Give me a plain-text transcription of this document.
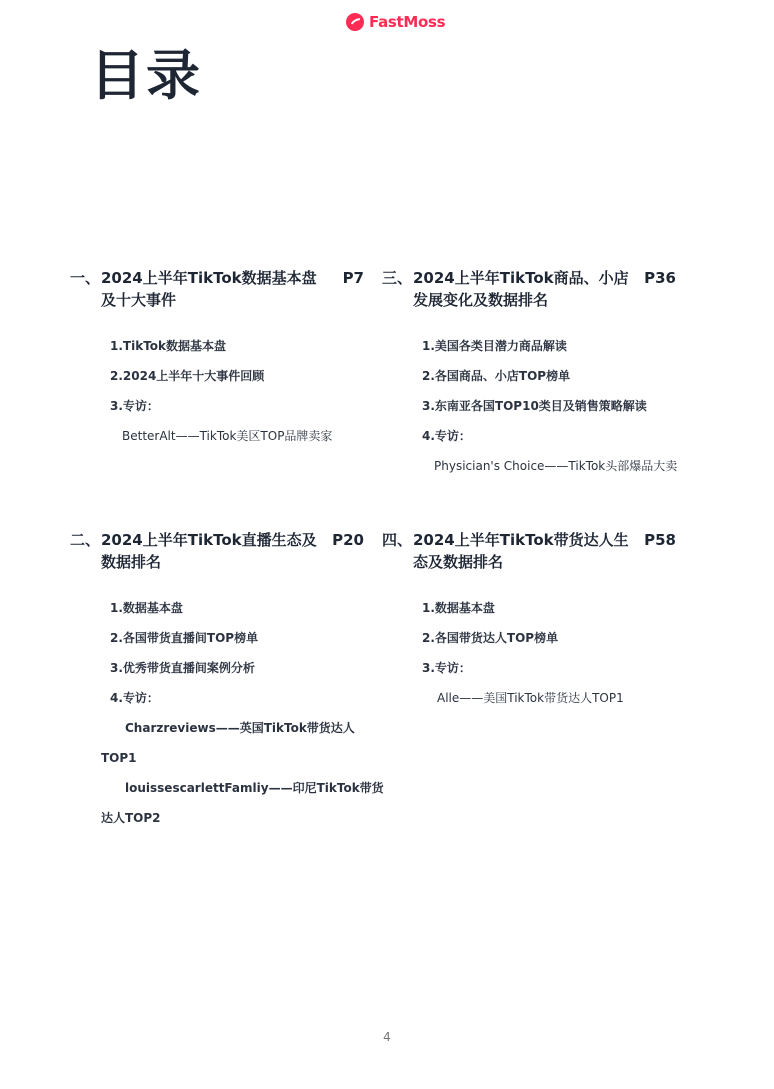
FastMoss
目录
一、 2024上半年TikTok数据基本盘及十大事件
P7
1.TikTok数据基本盘
2.2024上半年十大事件回顾
3.专访：
BetterAlt——TikTok美区TOP品牌卖家
三、 2024上半年TikTok商品、小店发展变化及数据排名
P36
1.美国各类目潜力商品解读
2.各国商品、小店TOP榜单
3.东南亚各国TOP10类目及销售策略解读
4.专访：
Physician's Choice——TikTok头部爆品大卖
二、 2024上半年TikTok直播生态及数据排名
P20
1.数据基本盘
2.各国带货直播间TOP榜单
3.优秀带货直播间案例分析
4.专访：
Charzreviews——英国TikTok带货达人
TOP1
louissescarlettFamliy——印尼TikTok带货
达人TOP2
四、 2024上半年TikTok带货达人生态及数据排名
P58
1.数据基本盘
2.各国带货达人TOP榜单
3.专访：
Alle——美国TikTok带货达人TOP1
4
